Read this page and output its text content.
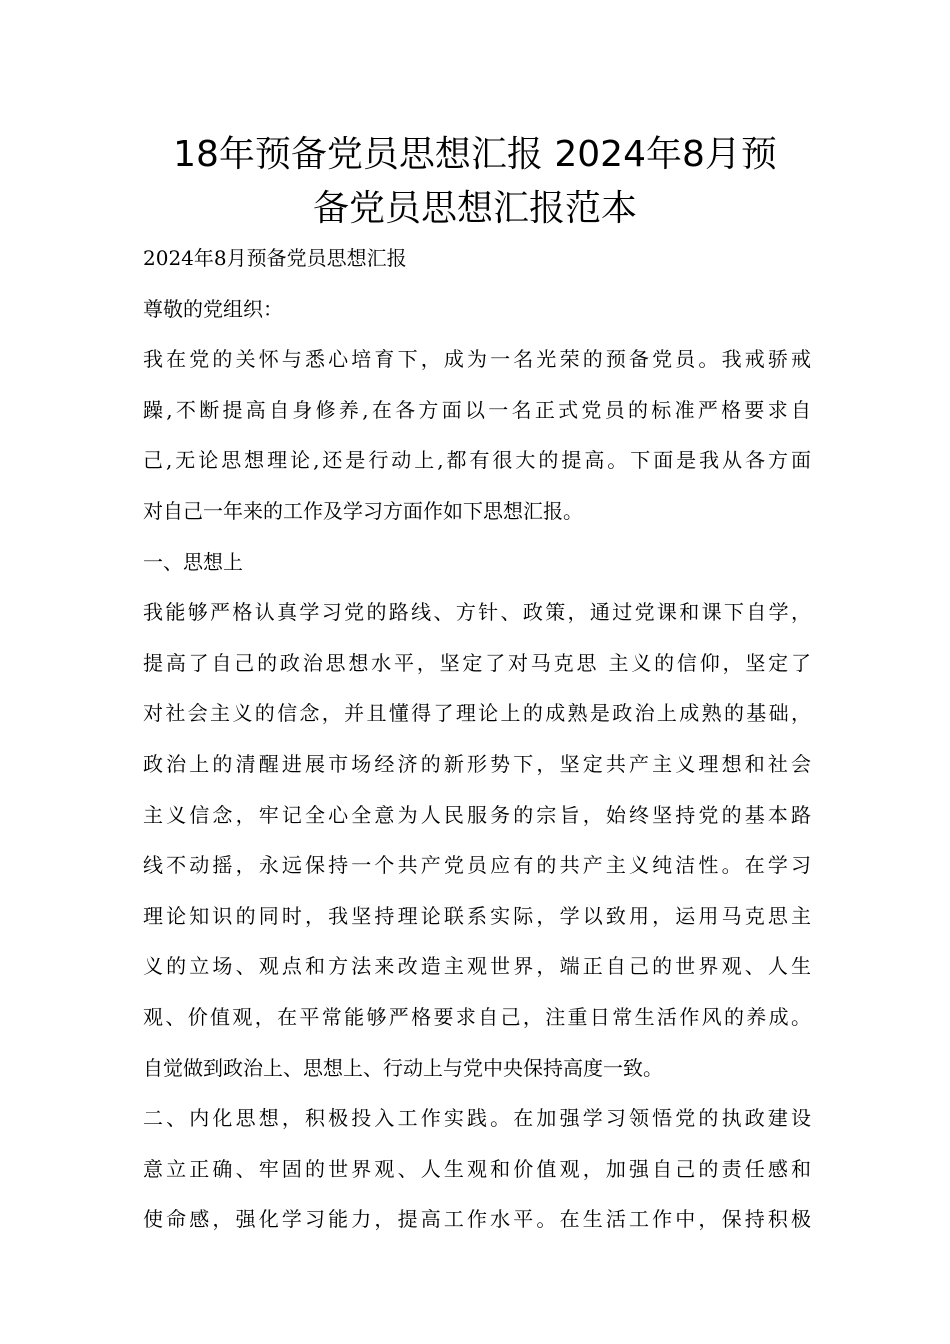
18年预备党员思想汇报 2024年8月预
备党员思想汇报范本

2024年8月预备党员思想汇报

尊敬的党组织：

我在党的关怀与悉心培育下，成为一名光荣的预备党员。我戒骄戒

躁,不断提高自身修养,在各方面以一名正式党员的标准严格要求自

己,无论思想理论,还是行动上,都有很大的提高。下面是我从各方面

对自己一年来的工作及学习方面作如下思想汇报。

一、思想上

我能够严格认真学习党的路线、方针、政策，通过党课和课下自学，

提高了自己的政治思想水平，坚定了对马克思 主义的信仰，坚定了

对社会主义的信念，并且懂得了理论上的成熟是政治上成熟的基础，

政治上的清醒进展市场经济的新形势下，坚定共产主义理想和社会

主义信念，牢记全心全意为人民服务的宗旨，始终坚持党的基本路

线不动摇，永远保持一个共产党员应有的共产主义纯洁性。在学习

理论知识的同时，我坚持理论联系实际，学以致用，运用马克思主

义的立场、观点和方法来改造主观世界，端正自己的世界观、人生

观、价值观，在平常能够严格要求自己，注重日常生活作风的养成。

自觉做到政治上、思想上、行动上与党中央保持高度一致。

二、内化思想，积极投入工作实践。在加强学习领悟党的执政建设

意立正确、牢固的世界观、人生观和价值观，加强自己的责任感和

使命感，强化学习能力，提高工作水平。在生活工作中，保持积极
